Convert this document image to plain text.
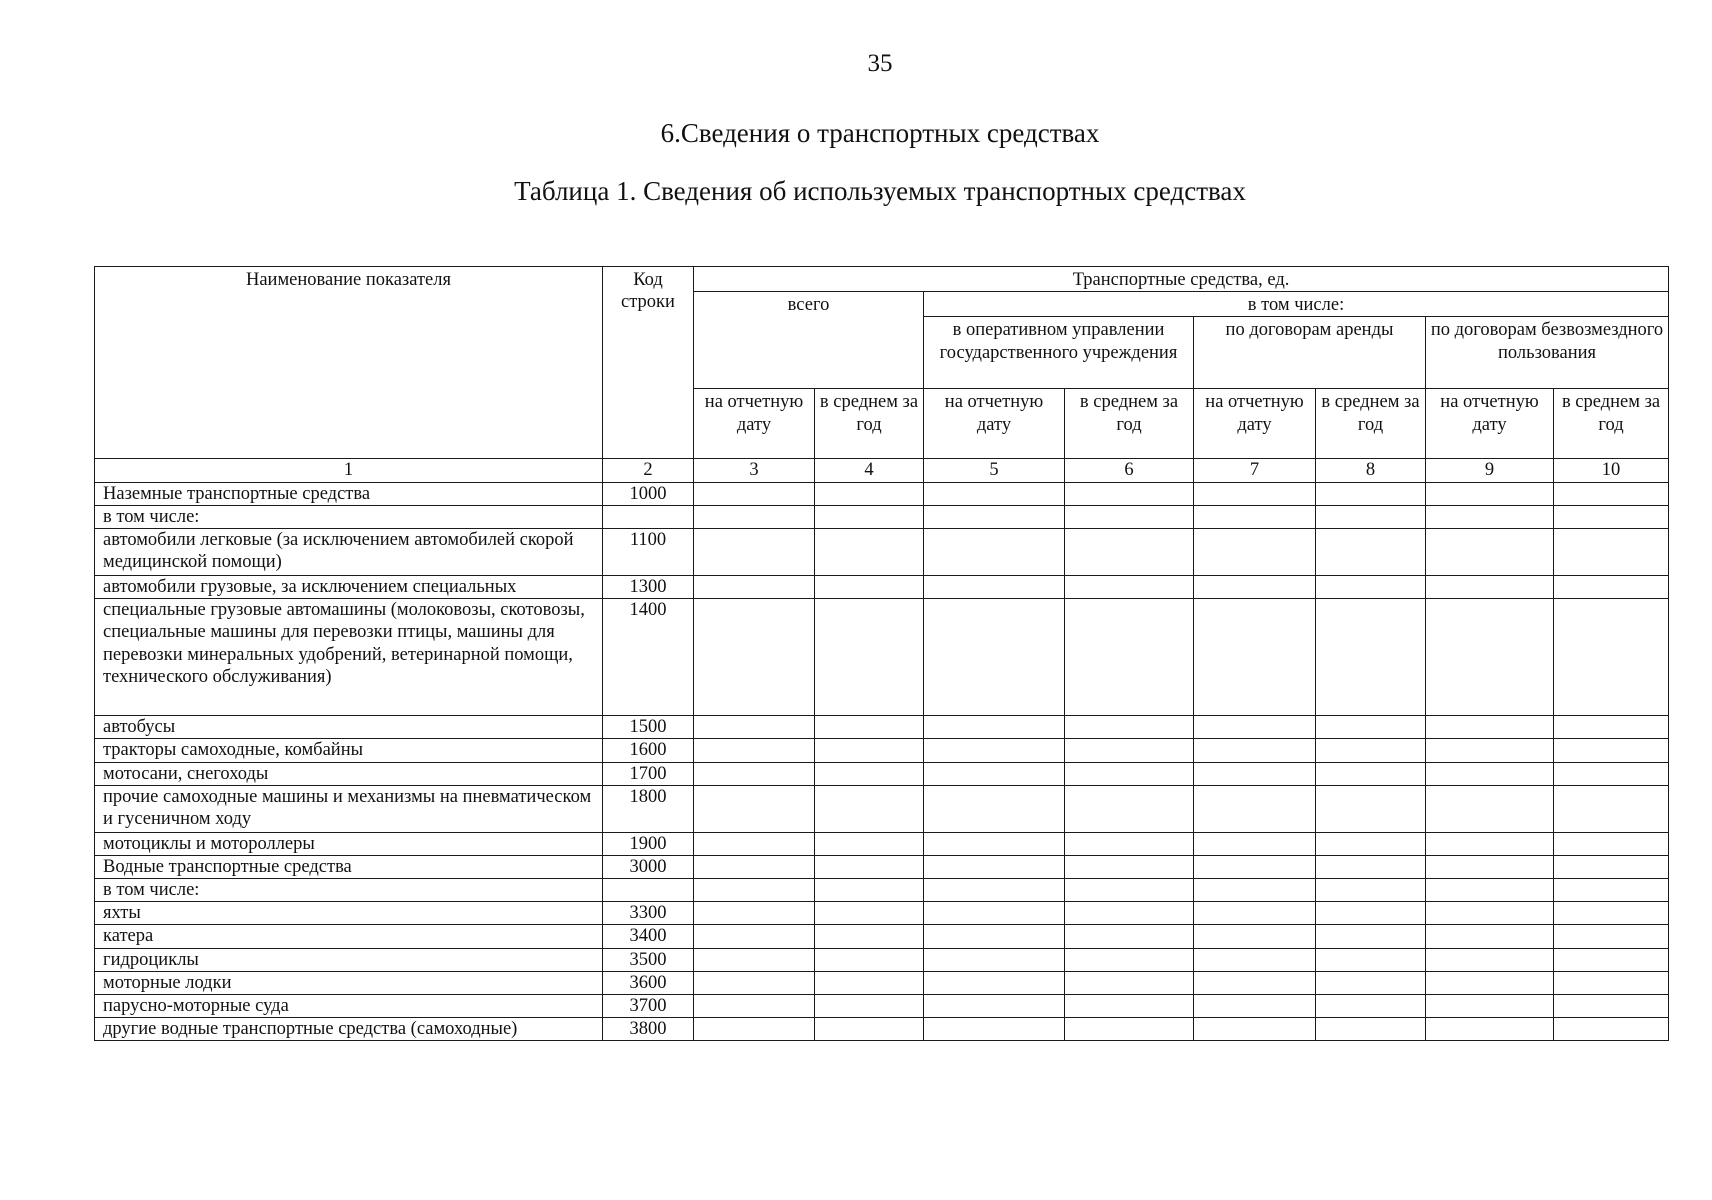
35
6.Сведения о транспортных средствах
Таблица 1. Сведения об используемых транспортных средствах
Наименование показателя	Код строки	Транспортные средства, ед.							
		всего		в том числе:					
				в оперативном управлении государственного учреждения		по договорам аренды		по договорам безвозмездного пользования	
		на отчетную дату	в среднем за год	на отчетную дату	в среднем за год	на отчетную дату	в среднем за год	на отчетную дату	в среднем за год
1	2	3	4	5	6	7	8	9	10
Наземные транспортные средства	1000								
в том числе:									
автомобили легковые (за исключением автомобилей скорой медицинской помощи)	1100								
автомобили грузовые, за исключением специальных	1300								
специальные грузовые автомашины (молоковозы, скотовозы, специальные машины для перевозки птицы, машины для перевозки минеральных удобрений, ветеринарной помощи, технического обслуживания)	1400								
автобусы	1500								
тракторы самоходные, комбайны	1600								
мотосани, снегоходы	1700								
прочие самоходные машины и механизмы на пневматическом и гусеничном ходу	1800								
мотоциклы и мотороллеры	1900								
Водные транспортные средства	3000								
в том числе:									
яхты	3300								
катера	3400								
гидроциклы	3500								
моторные лодки	3600								
парусно-моторные суда	3700								
другие водные транспортные средства (самоходные)	3800								
